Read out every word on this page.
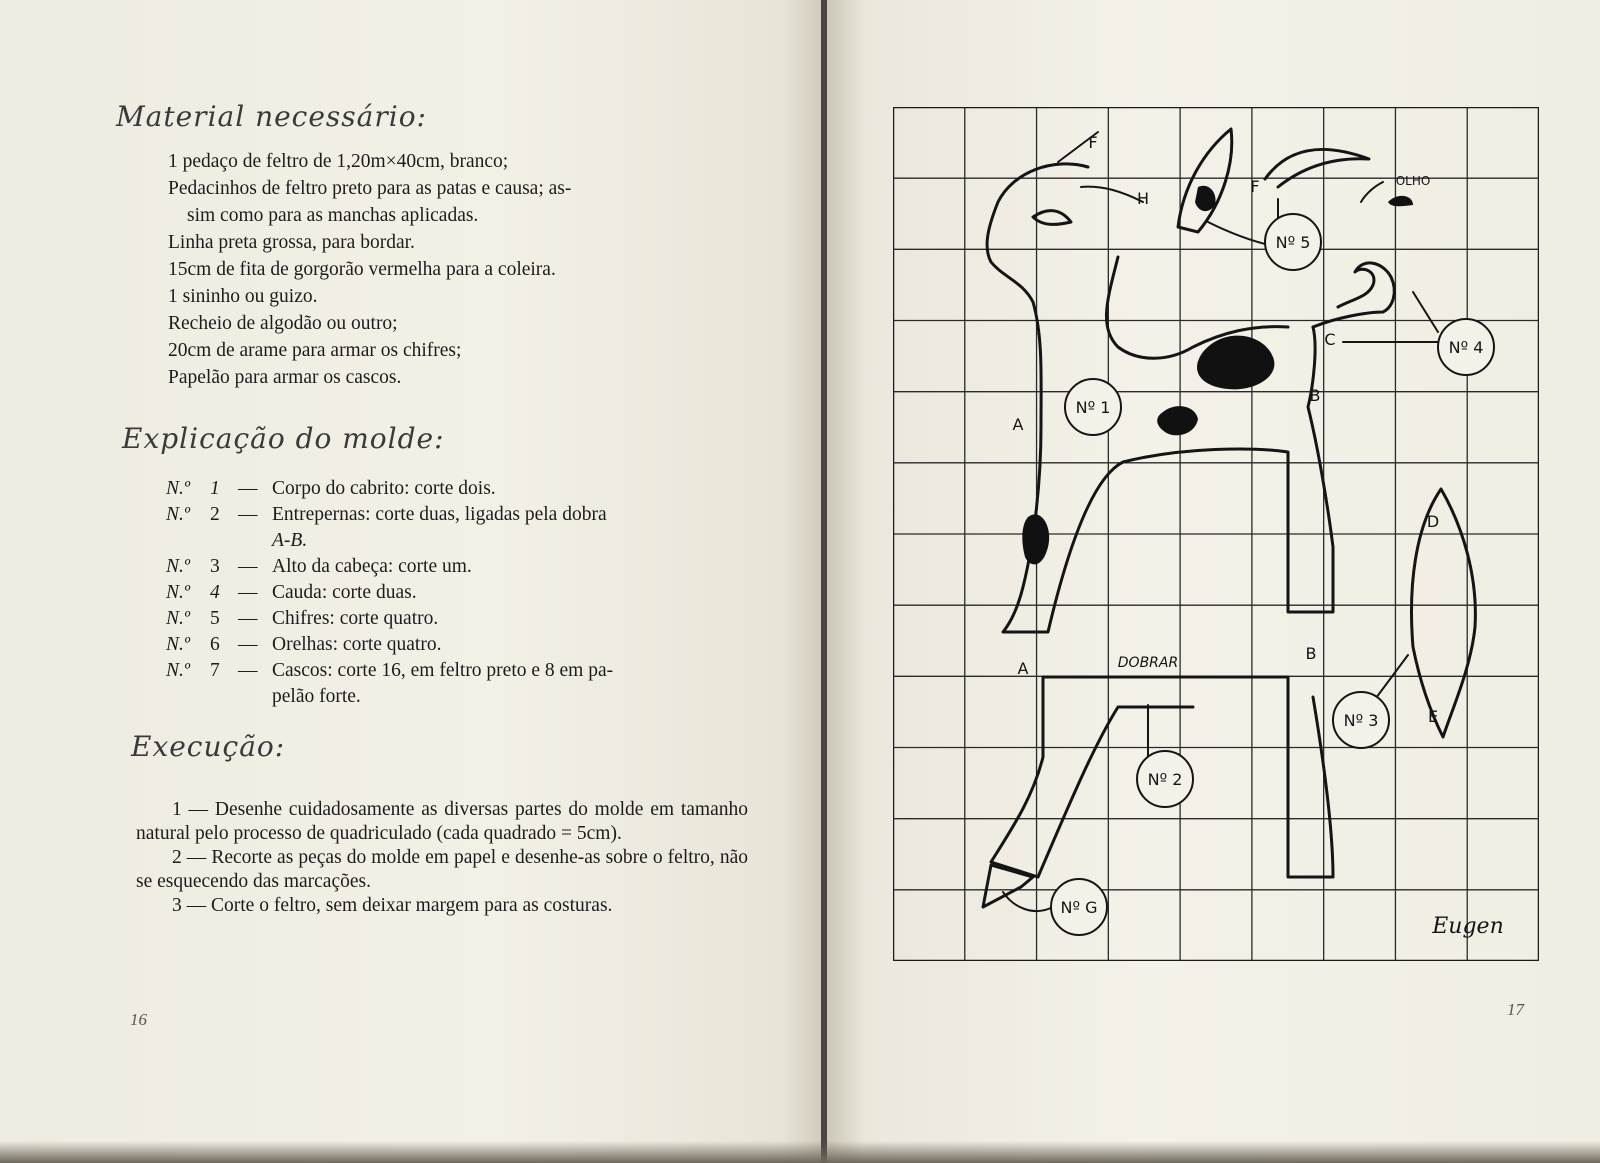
Material necessário:
1 pedaço de feltro de 1,20m×40cm, branco;
Pedacinhos de feltro preto para as patas e causa; as-
sim como para as manchas aplicadas.
Linha preta grossa, para bordar.
15cm de fita de gorgorão vermelha para a coleira.
1 sininho ou guizo.
Recheio de algodão ou outro;
20cm de arame para armar os chifres;
Papelão para armar os cascos.
Explicação do molde:
N.º	1 — Corpo do cabrito: corte dois.
N.º	2 — Entrepernas: corte duas, ligadas pela dobra
A-B.
N.º	3 — Alto da cabeça: corte um.
N.º	4 — Cauda: corte duas.
N.º	5 — Chifres: corte quatro.
N.º	6 — Orelhas: corte quatro.
N.º	7 — Cascos: corte 16, em feltro preto e 8 em pa-
pelão forte.
Execução:

1 — Desenhe cuidadosamente as diversas partes do molde em tamanho natural pelo processo de quadriculado (cada quadrado = 5cm).

2 — Recorte as peças do molde em papel e desenhe-as sobre o feltro, não se esquecendo das marcações.

3 — Corte o feltro, sem deixar margem para as costuras.

16
17
Nº 1
Nº 2
Nº 3
Nº 4
Nº 5
Nº G
DOBRAR
OLHO
A
A
B
B
C
D
E
F
F
H
Eugen
